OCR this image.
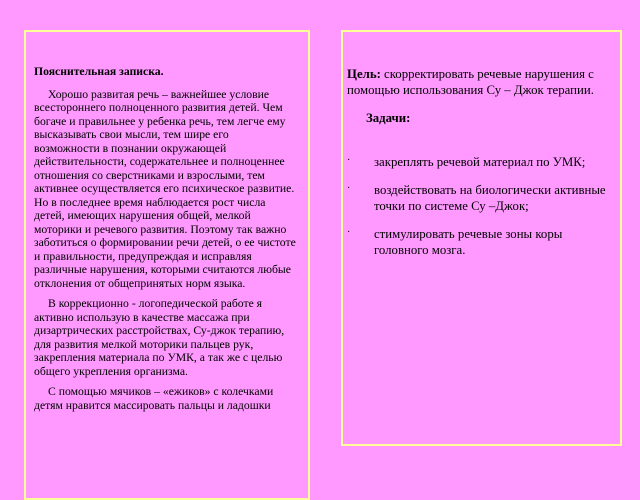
Пояснительная записка.

Хорошо развитая речь – важнейшее условие всестороннего полноценного развития детей. Чем богаче и правильнее у ребенка речь, тем легче ему высказывать свои мысли, тем шире его возможности в познании окружающей действительности, содержательнее и полноценнее отношения со сверстниками и взрослыми, тем активнее осуществляется его психическое развитие. Но в последнее время наблюдается рост числа детей, имеющих нарушения общей, мелкой моторики и речевого развития. Поэтому так важно заботиться о формировании речи детей, о ее чистоте и правильности, предупреждая и исправляя различные нарушения, которыми считаются любые отклонения от общепринятых норм языка.

В коррекционно - логопедической работе я активно использую в качестве массажа при дизартрических расстройствах, Су-джок терапию, для развития мелкой моторики пальцев рук, закрепления материала по УМК, а так же с целью общего укрепления организма.

С помощью мячиков – «ежиков» с колечками детям нравится массировать пальцы и ладошки

Цель: скорректировать речевые нарушения с помощью использования Су – Джок терапии.

Задачи:

· закреплять речевой материал по УМК;
· воздействовать на биологически активные точки по системе Су –Джок;
· стимулировать речевые зоны коры головного мозга.
